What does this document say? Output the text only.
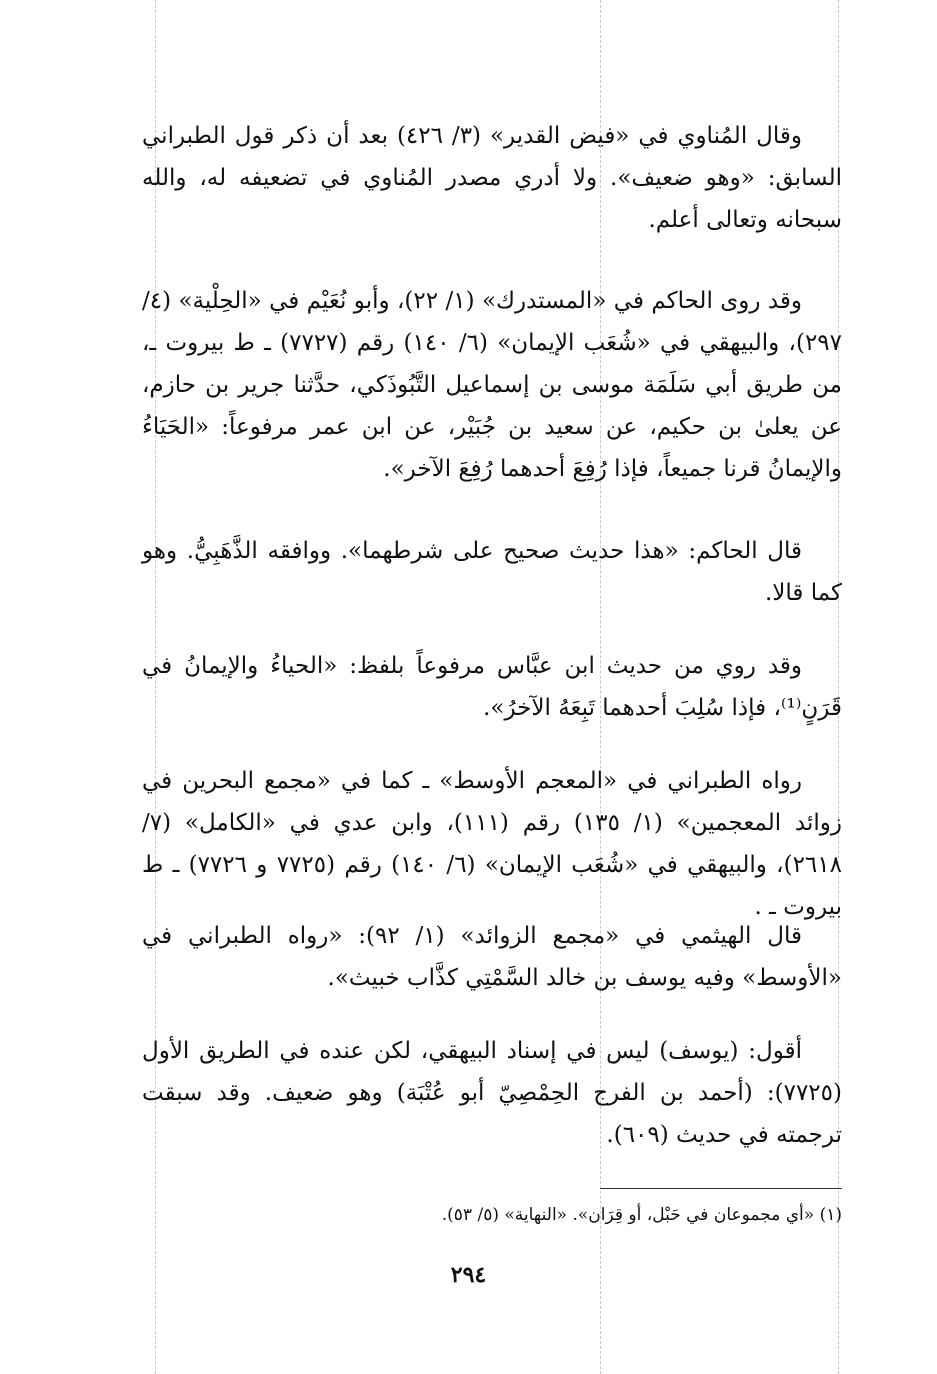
وقال المُناوي في «فيض القدير» (٣/ ٤٢٦) بعد أن ذكر قول الطبراني السابق: «وهو ضعيف». ولا أدري مصدر المُناوي في تضعيفه له، والله سبحانه وتعالى أعلم.

وقد روى الحاكم في «المستدرك» (١/ ٢٢)، وأبو نُعَيْم في «الحِلْية» (٤/ ٢٩٧)، والبيهقي في «شُعَب الإيمان» (٦/ ١٤٠) رقم (٧٧٢٧) ـ ط بيروت ـ، من طريق أبي سَلَمَة موسى بن إسماعيل التَّبُوذَكي، حدَّثنا جرير بن حازم، عن يعلىٰ بن حكيم، عن سعيد بن جُبَيْر، عن ابن عمر مرفوعاً: «الحَيَاءُ والإيمانُ قرنا جميعاً، فإذا رُفِعَ أحدهما رُفِعَ الآخر».

قال الحاكم: «هذا حديث صحيح على شرطهما». ووافقه الذَّهَبِيُّ. وهو كما قالا.

وقد روي من حديث ابن عبَّاس مرفوعاً بلفظ: «الحياءُ والإيمانُ في قَرَنٍ⁽¹⁾، فإذا سُلِبَ أحدهما تَبِعَهُ الآخرُ».

رواه الطبراني في «المعجم الأوسط» ـ كما في «مجمع البحرين في زوائد المعجمين» (١/ ١٣٥) رقم (١١١)، وابن عدي في «الكامل» (٧/ ٢٦١٨)، والبيهقي في «شُعَب الإيمان» (٦/ ١٤٠) رقم (٧٧٢٥ و ٧٧٢٦) ـ ط بيروت ـ .

قال الهيثمي في «مجمع الزوائد» (١/ ٩٢): «رواه الطبراني في «الأوسط» وفيه يوسف بن خالد السَّمْتِي كذَّاب خبيث».

أقول: (يوسف) ليس في إسناد البيهقي، لكن عنده في الطريق الأول (٧٧٢٥): (أحمد بن الفرج الحِمْصِيّ أبو عُتْبَة) وهو ضعيف. وقد سبقت ترجمته في حديث (٦٠٩).

(١) «أي مجموعان في حَبْل، أو قِرَان». «النهاية» (٥/ ٥٣).

٢٩٤
